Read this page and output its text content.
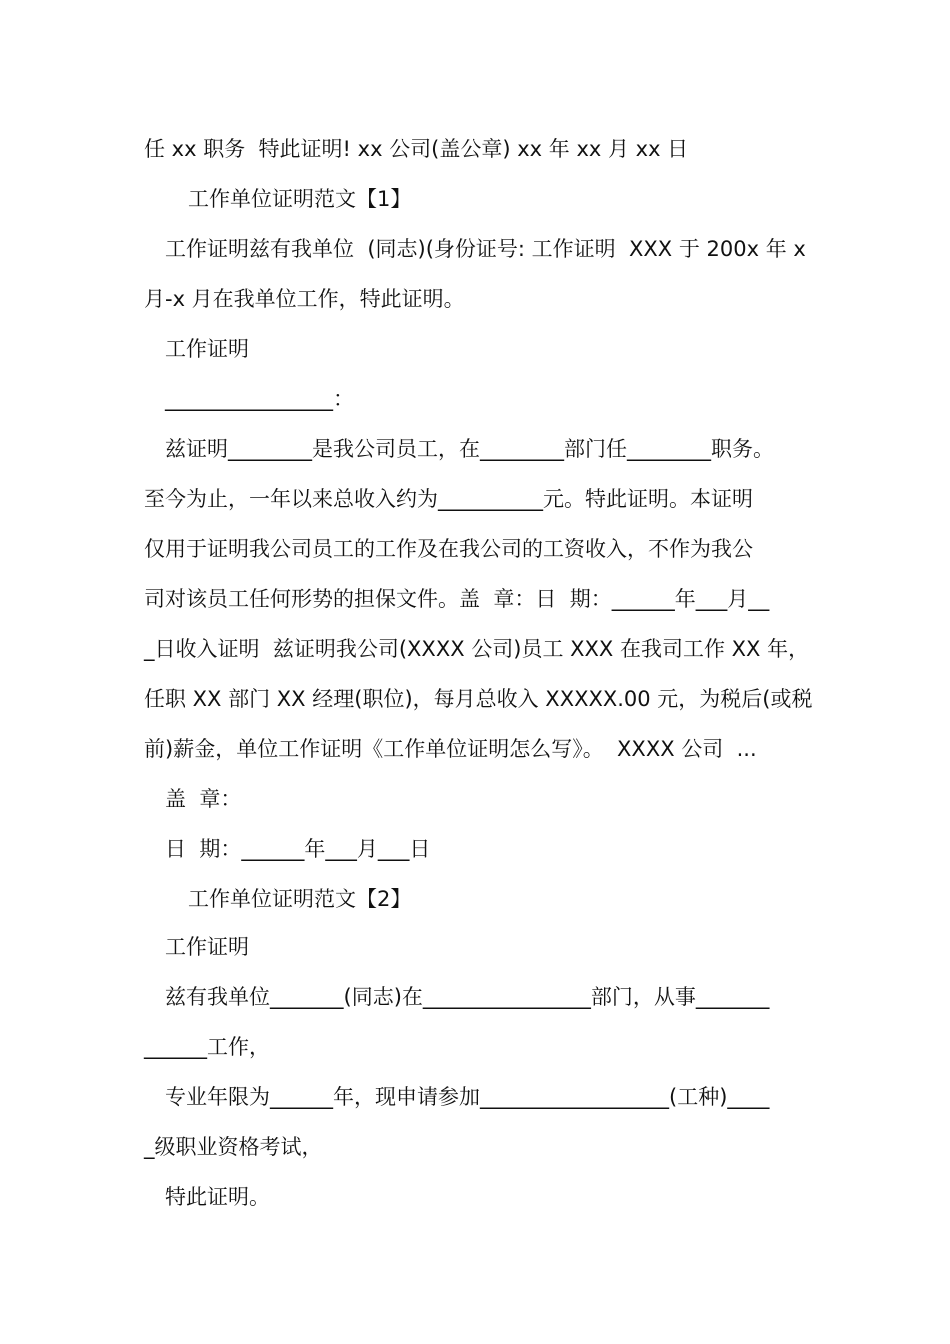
任 xx 职务  特此证明! xx 公司(盖公章) xx 年 xx 月 xx 日
工作单位证明范文【1】
工作证明兹有我单位  (同志)(身份证号: 工作证明  XXX 于 200x 年 x
月-x 月在我单位工作，特此证明。
工作证明
________________：
兹证明________是我公司员工，在________部门任________职务。
至今为止，一年以来总收入约为__________元。特此证明。本证明
仅用于证明我公司员工的工作及在我公司的工资收入，不作为我公
司对该员工任何形势的担保文件。盖  章：日  期：______年___月__
_日收入证明  兹证明我公司(XXXX 公司)员工 XXX 在我司工作 XX 年，
任职 XX 部门 XX 经理(职位)，每月总收入 XXXXX.00 元，为税后(或税
前)薪金，单位工作证明《工作单位证明怎么写》。  XXXX 公司  ...
盖  章：
日  期：______年___月___日
工作单位证明范文【2】
工作证明
兹有我单位_______(同志)在________________部门，从事_______
______工作，
专业年限为______年，现申请参加__________________(工种)____
_级职业资格考试，
特此证明。
